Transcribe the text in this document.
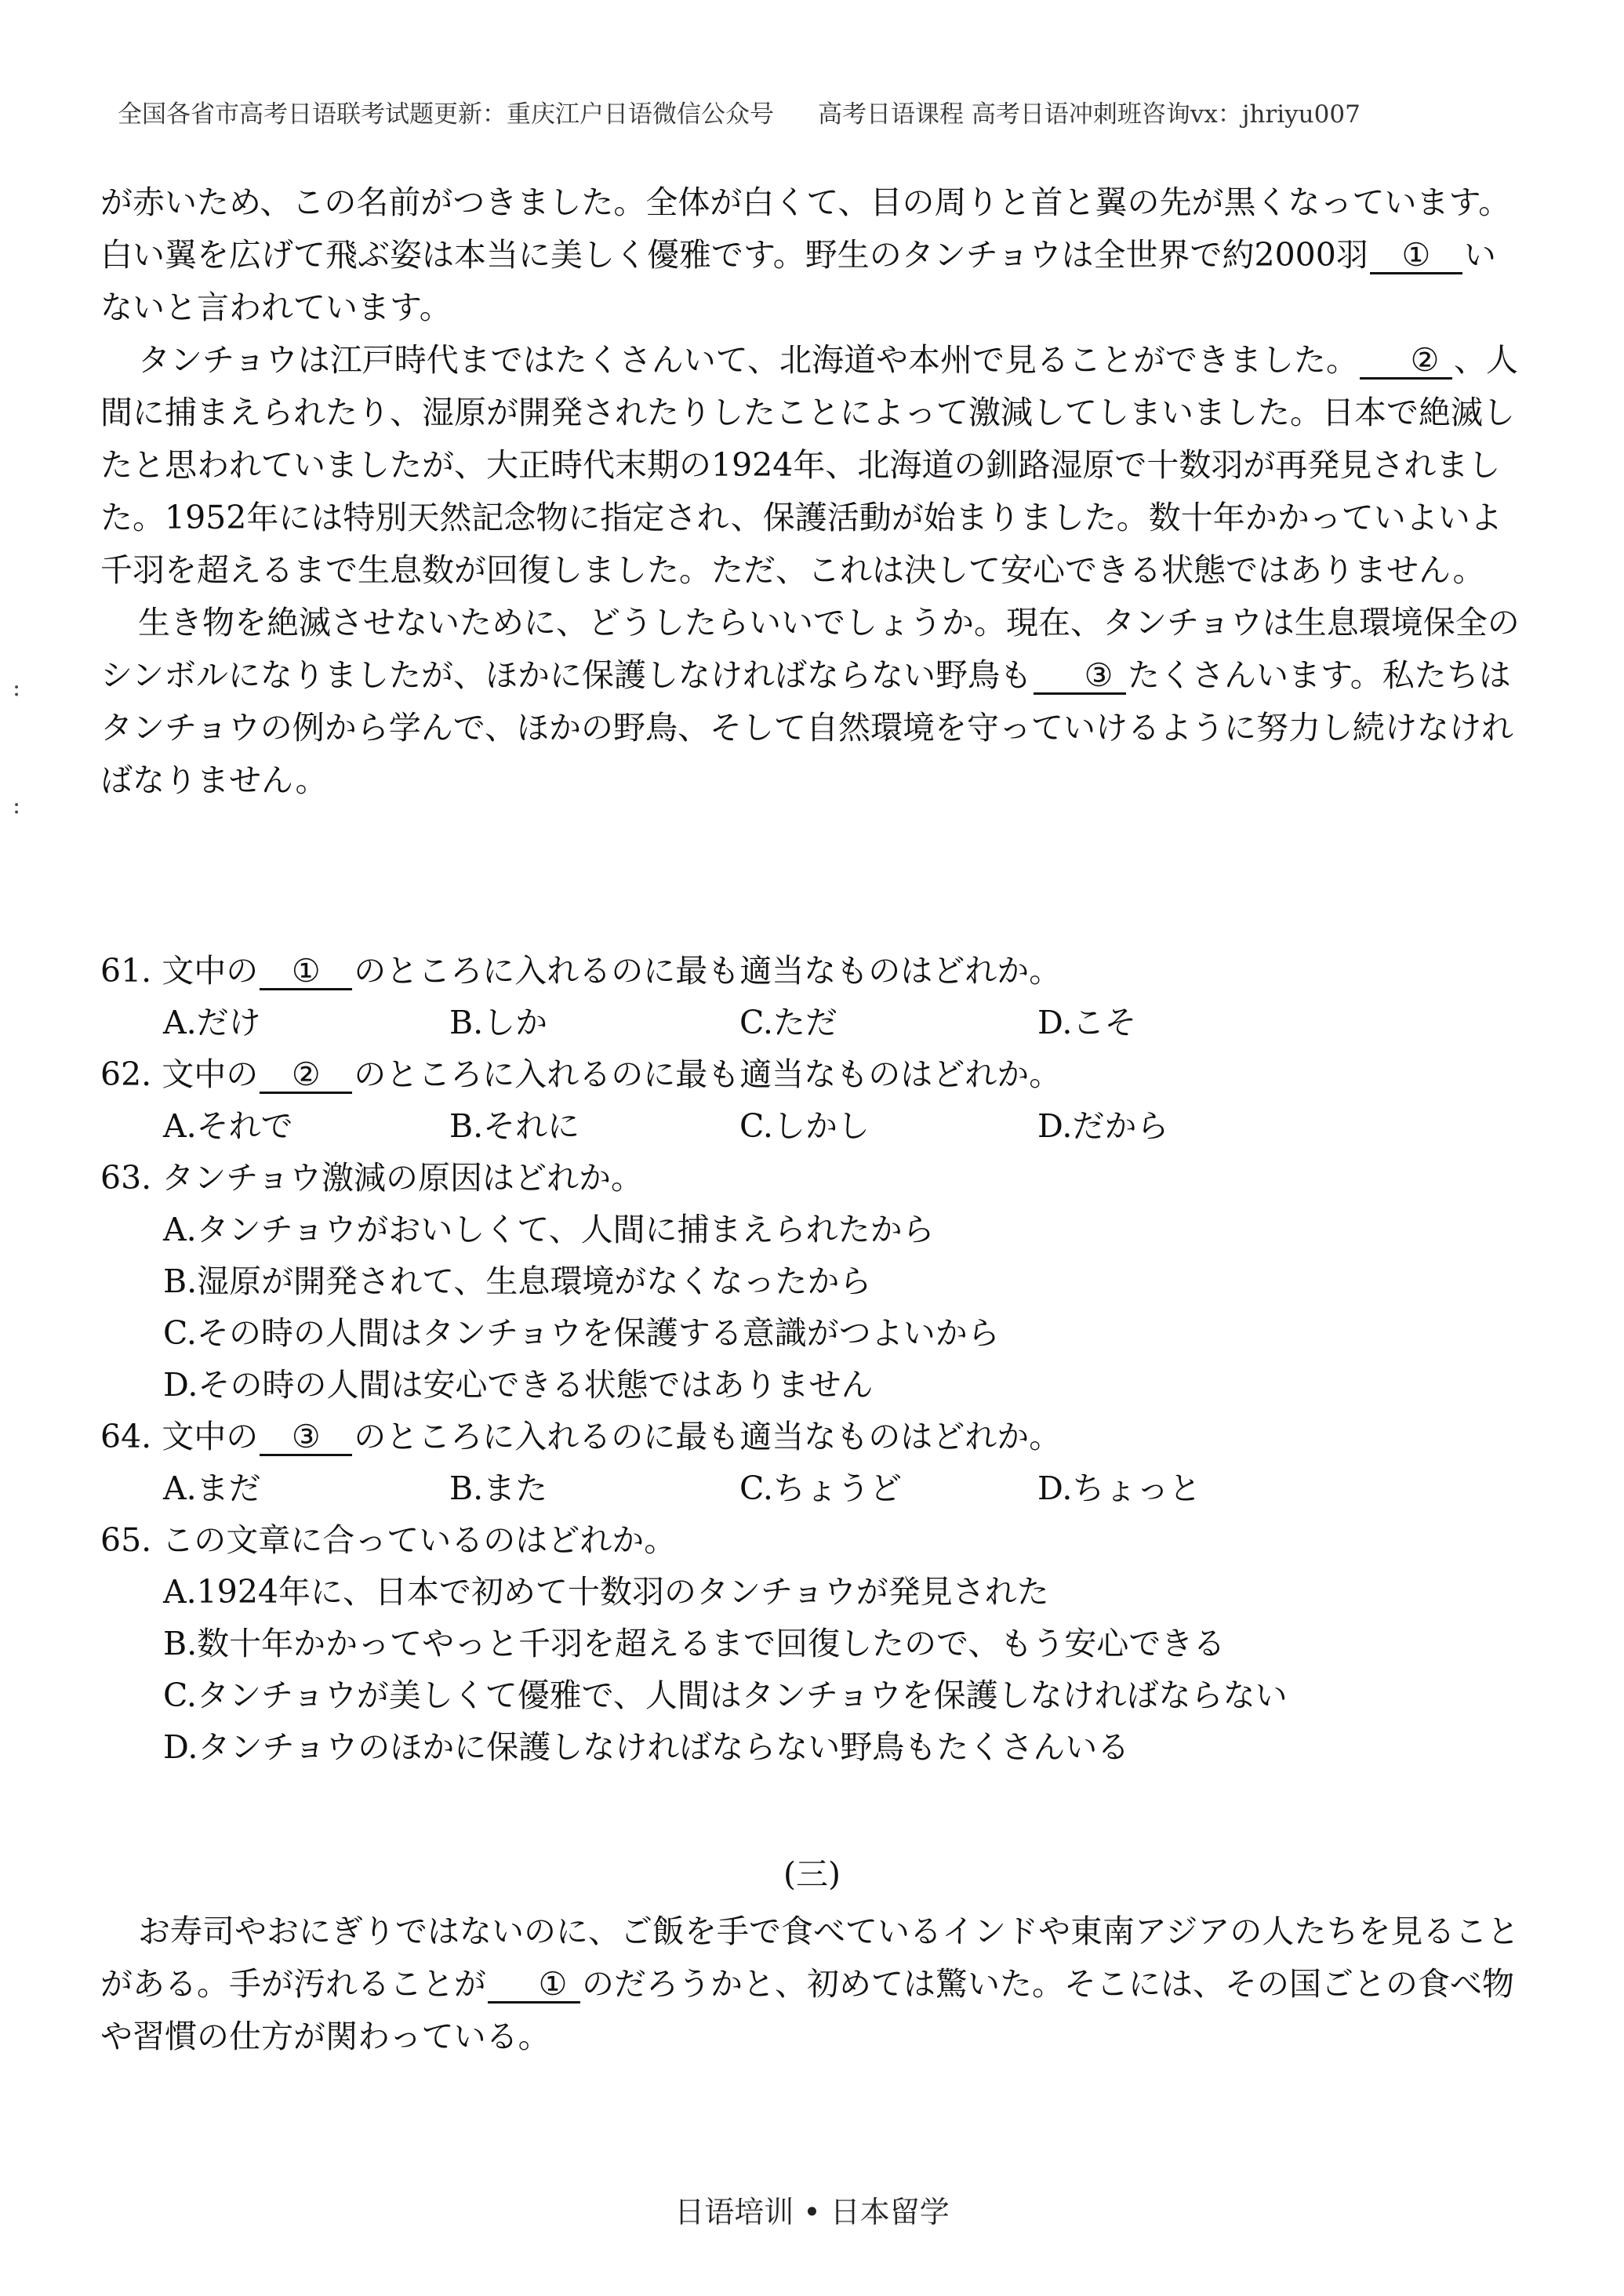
:
:
全国各省市高考日语联考试题更新：重庆江户日语微信公众号 高考日语课程 高考日语冲刺班咨询vx：jhriyu007

が赤いため、この名前がつきました。全体が白くて、目の周りと首と翼の先が黒くなっています。白い翼を広げて飛ぶ姿は本当に美しく優雅です。野生のタンチョウは全世界で約2000羽 ① いないと言われています。

タンチョウは江戸時代まではたくさんいて、北海道や本州で見ることができました。 ② 、人間に捕まえられたり、湿原が開発されたりしたことによって激減してしまいました。日本で絶滅したと思われていましたが、大正時代末期の1924年、北海道の釧路湿原で十数羽が再発見されました。1952年には特別天然記念物に指定され、保護活動が始まりました。数十年かかっていよいよ千羽を超えるまで生息数が回復しました。ただ、これは決して安心できる状態ではありません。

生き物を絶滅させないために、どうしたらいいでしょうか。現在、タンチョウは生息環境保全のシンボルになりましたが、ほかに保護しなければならない野鳥も ③ たくさんいます。私たちはタンチョウの例から学んで、ほかの野鳥、そして自然環境を守っていけるように努力し続けなければなりません。

61. 文中の ① のところに入れるのに最も適当なものはどれか。
A.だけ	B.しか	C.ただ	D.こそ
62. 文中の ② のところに入れるのに最も適当なものはどれか。
A.それで	B.それに	C.しかし	D.だから
63. タンチョウ激減の原因はどれか。
A.タンチョウがおいしくて、人間に捕まえられたから
B.湿原が開発されて、生息環境がなくなったから
C.その時の人間はタンチョウを保護する意識がつよいから
D.その時の人間は安心できる状態ではありません
64. 文中の ③ のところに入れるのに最も適当なものはどれか。
A.まだ	B.また	C.ちょうど	D.ちょっと
65. この文章に合っているのはどれか。
A.1924年に、日本で初めて十数羽のタンチョウが発見された
B.数十年かかってやっと千羽を超えるまで回復したので、もう安心できる
C.タンチョウが美しくて優雅で、人間はタンチョウを保護しなければならない
D.タンチョウのほかに保護しなければならない野鳥もたくさんいる
(三)

お寿司やおにぎりではないのに、ご飯を手で食べているインドや東南アジアの人たちを見ることがある。手が汚れることが ① のだろうかと、初めては驚いた。そこには、その国ごとの食べ物や習慣の仕方が関わっている。

日语培训 • 日本留学
